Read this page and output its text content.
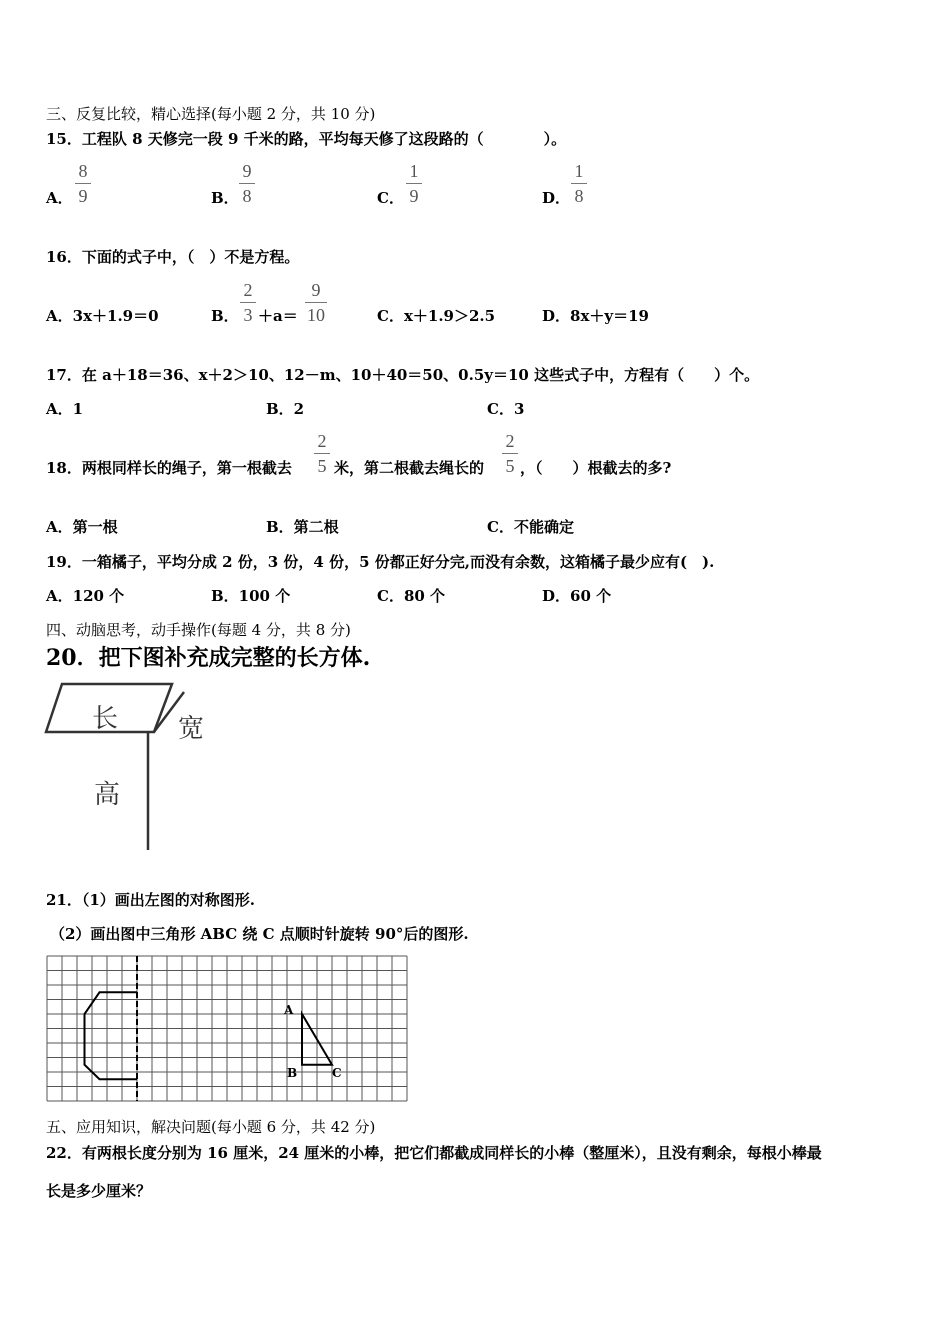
三、反复比较，精心选择(每小题 2 分，共 10 分)
15．工程队 8 天修完一段 9 千米的路，平均每天修了这段路的（　　　　）。
A．
8
9	B．
9
8	C．
1
9	D．
1
8
16．下面的式子中，（　）不是方程。
A．3x＋1.9＝0	B．
2
3 ＋a＝
9
10	C．x＋1.9＞2.5	D．8x＋y＝19
17．在 a＋18＝36、x＋2＞10、12－m、10＋40＝50、0.5y＝10 这些式子中，方程有（　　）个。
A．1	B．2	C．3
18．两根同样长的绳子，第一根截去
2
5 米，第二根截去绳长的
2
5 ，（　　）根截去的多?
A．第一根	B．第二根	C．不能确定
19．一箱橘子，平均分成 2 份，3 份，4 份，5 份都正好分完,而没有余数，这箱橘子最少应有(　).
A．120 个	B．100 个	C．80 个	D．60 个
四、动脑思考，动手操作(每题 4 分，共 8 分)
20．把下图补充成完整的长方体.
长 宽
高
21．（1）画出左图的对称图形.
（2）画出图中三角形 ABC 绕 C 点顺时针旋转 90°后的图形.
A
B	C
五、应用知识，解决问题(每小题 6 分，共 42 分)
22．有两根长度分别为 16 厘米，24 厘米的小棒，把它们都截成同样长的小棒（整厘米），且没有剩余，每根小棒最
长是多少厘米？
